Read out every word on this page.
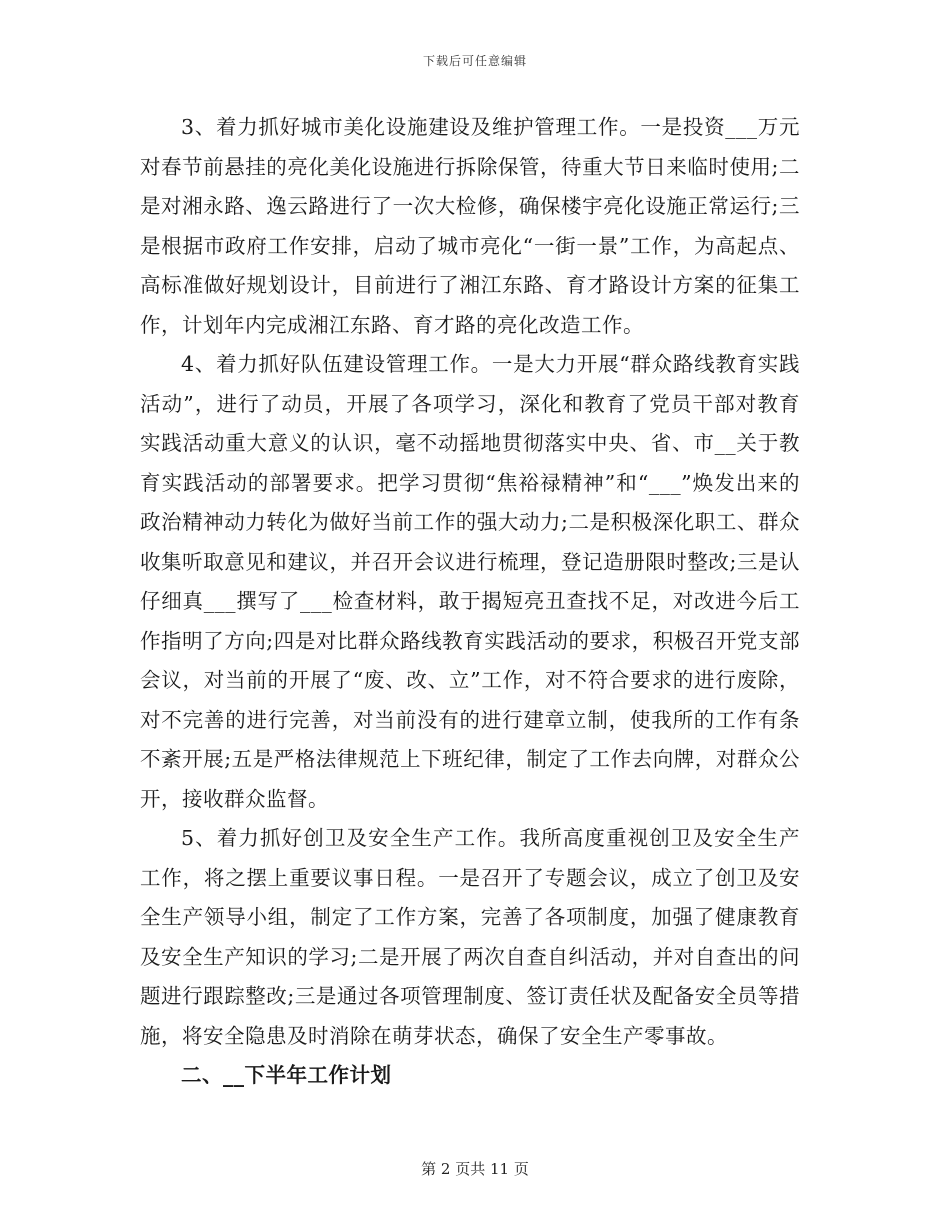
下载后可任意编辑

3、着力抓好城市美化设施建设及维护管理工作。一是投资___万元对春节前悬挂的亮化美化设施进行拆除保管，待重大节日来临时使用;二是对湘永路、逸云路进行了一次大检修，确保楼宇亮化设施正常运行;三是根据市政府工作安排，启动了城市亮化“一街一景”工作，为高起点、高标准做好规划设计，目前进行了湘江东路、育才路设计方案的征集工作，计划年内完成湘江东路、育才路的亮化改造工作。

4、着力抓好队伍建设管理工作。一是大力开展“群众路线教育实践活动”，进行了动员，开展了各项学习，深化和教育了党员干部对教育实践活动重大意义的认识，毫不动摇地贯彻落实中央、省、市__关于教育实践活动的部署要求。把学习贯彻“焦裕禄精神”和“___”焕发出来的政治精神动力转化为做好当前工作的强大动力;二是积极深化职工、群众收集听取意见和建议，并召开会议进行梳理，登记造册限时整改;三是认仔细真___撰写了___检查材料，敢于揭短亮丑查找不足，对改进今后工作指明了方向;四是对比群众路线教育实践活动的要求，积极召开党支部会议，对当前的开展了“废、改、立”工作，对不符合要求的进行废除，对不完善的进行完善，对当前没有的进行建章立制，使我所的工作有条不紊开展;五是严格法律规范上下班纪律，制定了工作去向牌，对群众公开，接收群众监督。

5、着力抓好创卫及安全生产工作。我所高度重视创卫及安全生产工作，将之摆上重要议事日程。一是召开了专题会议，成立了创卫及安全生产领导小组，制定了工作方案，完善了各项制度，加强了健康教育及安全生产知识的学习;二是开展了两次自查自纠活动，并对自查出的问题进行跟踪整改;三是通过各项管理制度、签订责任状及配备安全员等措施，将安全隐患及时消除在萌芽状态，确保了安全生产零事故。

二、__下半年工作计划

第 2 页共 11 页
